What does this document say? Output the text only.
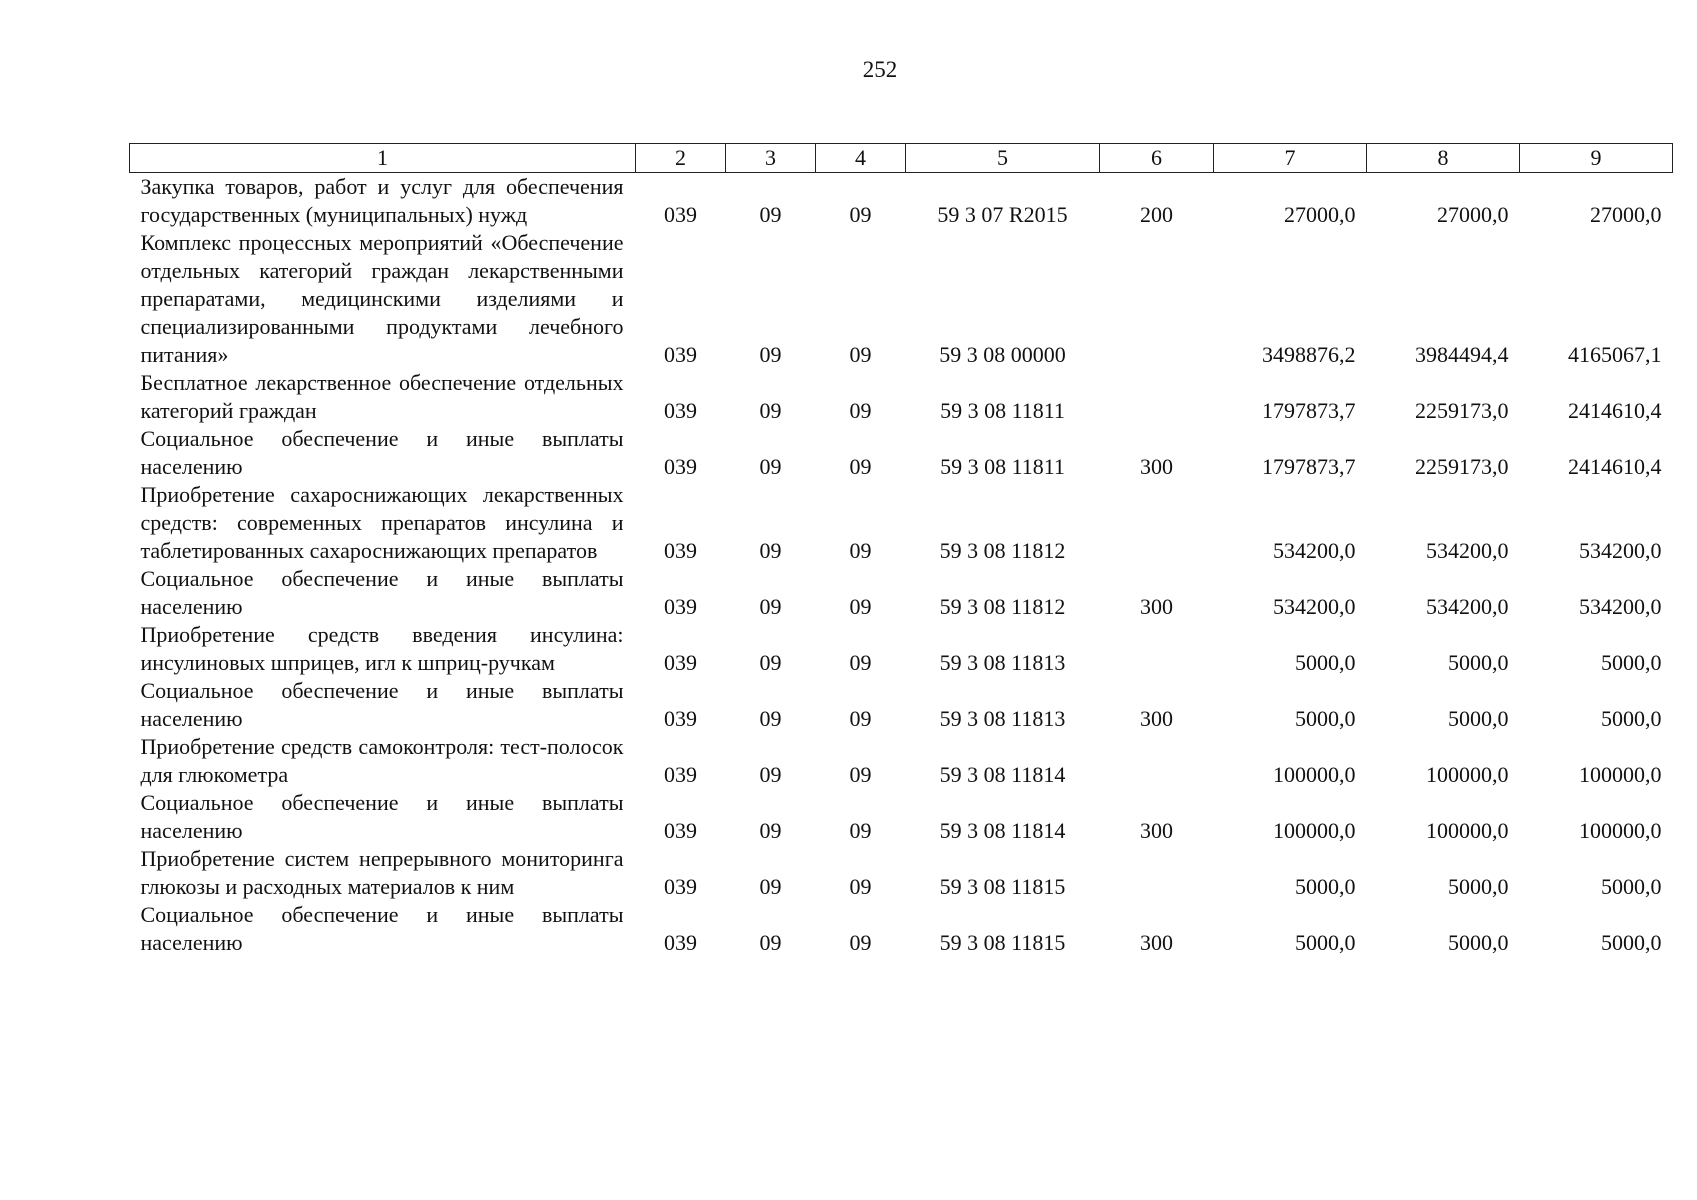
252
1	2	3	4	5	6	7	8	9
Закупка товаров, работ и услуг для обеспечения государственных (муниципальных) нужд	039	09	09	59 3 07 R2015	200	27000,0	27000,0	27000,0
Комплекс процессных мероприятий «Обеспечение отдельных категорий граждан лекарственными препаратами, медицинскими изделиями и специализированными продуктами лечебного питания»	039	09	09	59 3 08 00000		3498876,2	3984494,4	4165067,1
Бесплатное лекарственное обеспечение отдельных категорий граждан	039	09	09	59 3 08 11811		1797873,7	2259173,0	2414610,4
Социальное обеспечение и иные выплаты населению	039	09	09	59 3 08 11811	300	1797873,7	2259173,0	2414610,4
Приобретение сахароснижающих лекарственных средств: современных препаратов инсулина и таблетированных сахароснижающих препаратов	039	09	09	59 3 08 11812		534200,0	534200,0	534200,0
Социальное обеспечение и иные выплаты населению	039	09	09	59 3 08 11812	300	534200,0	534200,0	534200,0
Приобретение средств введения инсулина: инсулиновых шприцев, игл к шприц-ручкам	039	09	09	59 3 08 11813		5000,0	5000,0	5000,0
Социальное обеспечение и иные выплаты населению	039	09	09	59 3 08 11813	300	5000,0	5000,0	5000,0
Приобретение средств самоконтроля: тест-полосок для глюкометра	039	09	09	59 3 08 11814		100000,0	100000,0	100000,0
Социальное обеспечение и иные выплаты населению	039	09	09	59 3 08 11814	300	100000,0	100000,0	100000,0
Приобретение систем непрерывного мониторинга глюкозы и расходных материалов к ним	039	09	09	59 3 08 11815		5000,0	5000,0	5000,0
Социальное обеспечение и иные выплаты населению	039	09	09	59 3 08 11815	300	5000,0	5000,0	5000,0
